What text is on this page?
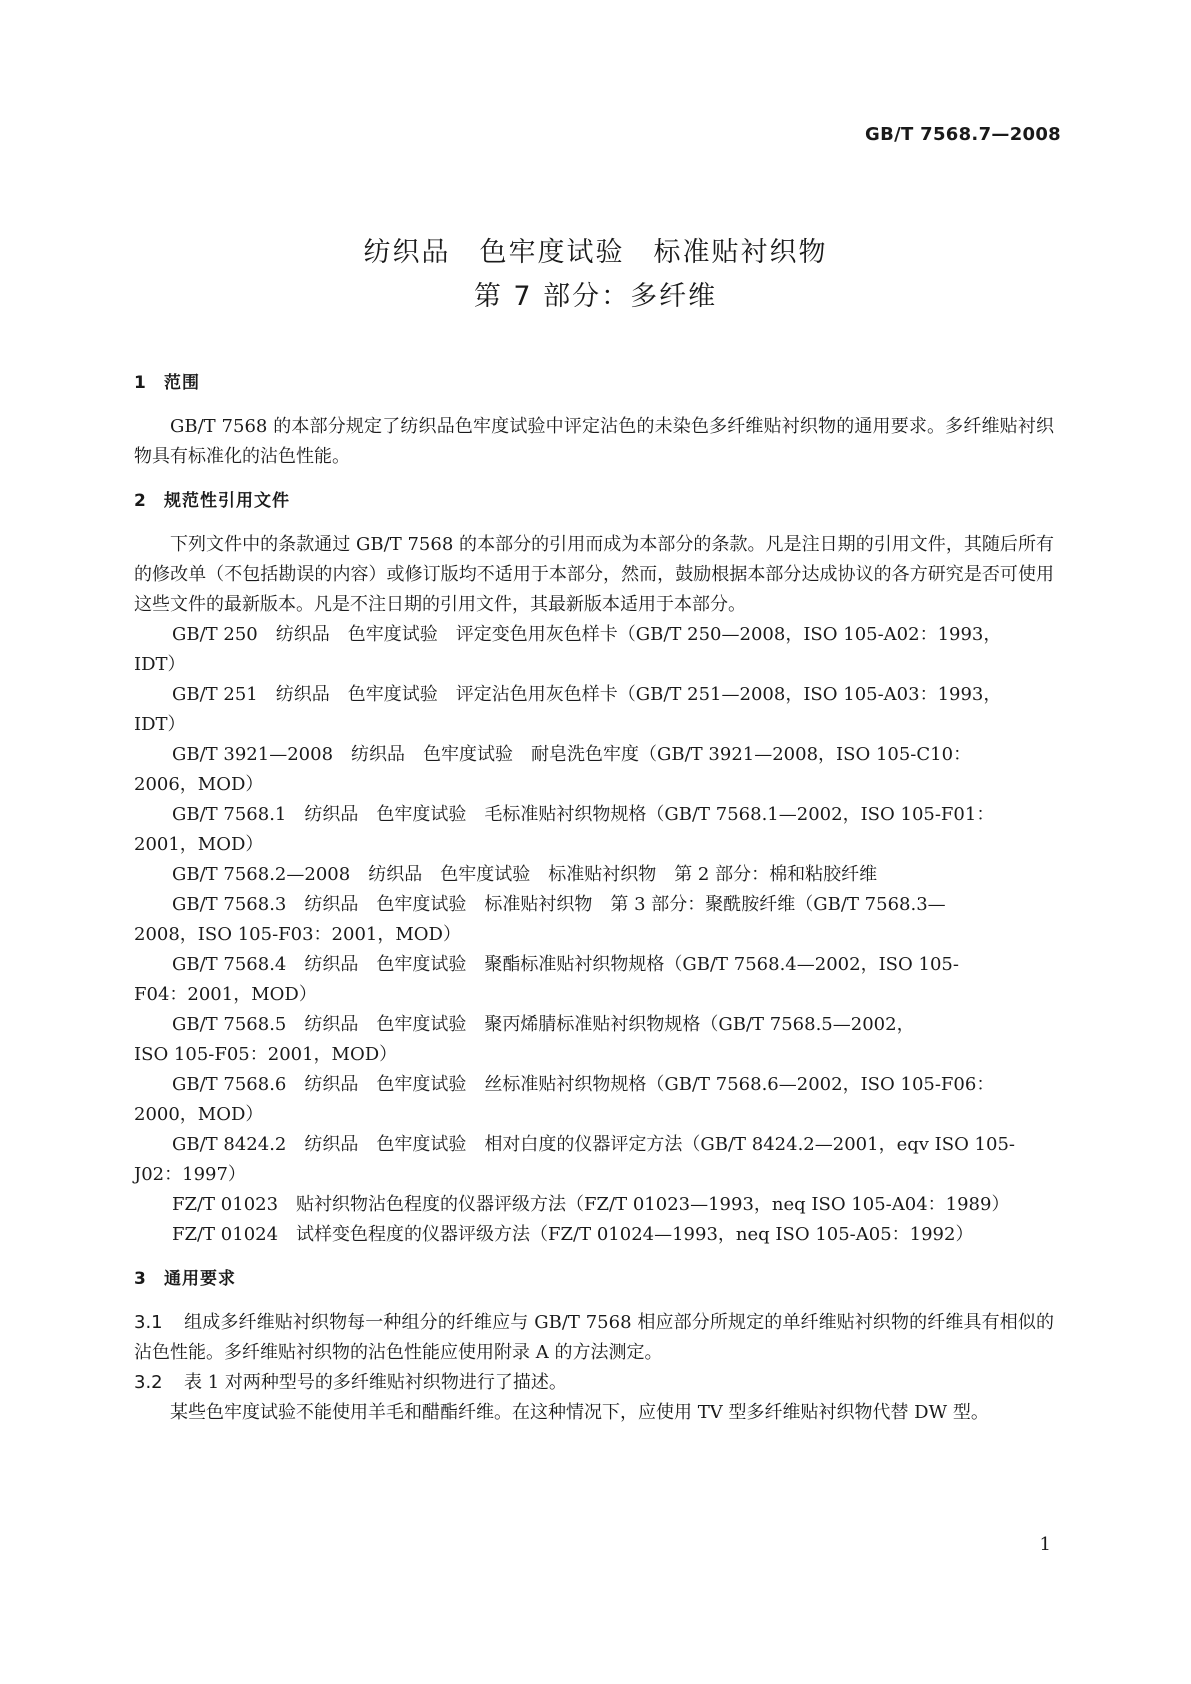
GB/T 7568.7—2008
纺织品　色牢度试验　标准贴衬织物
第 7 部分：多纤维

1 范围

GB/T 7568 的本部分规定了纺织品色牢度试验中评定沾色的未染色多纤维贴衬织物的通用要求。多纤维贴衬织物具有标准化的沾色性能。

2 规范性引用文件

下列文件中的条款通过 GB/T 7568 的本部分的引用而成为本部分的条款。凡是注日期的引用文件，其随后所有的修改单（不包括勘误的内容）或修订版均不适用于本部分，然而，鼓励根据本部分达成协议的各方研究是否可使用这些文件的最新版本。凡是不注日期的引用文件，其最新版本适用于本部分。

GB/T 250　纺织品　色牢度试验　评定变色用灰色样卡（GB/T 250—2008，ISO 105-A02：1993，
IDT）

GB/T 251　纺织品　色牢度试验　评定沾色用灰色样卡（GB/T 251—2008，ISO 105-A03：1993，
IDT）

GB/T 3921—2008　纺织品　色牢度试验　耐皂洗色牢度（GB/T 3921—2008，ISO 105-C10：
2006，MOD）

GB/T 7568.1　纺织品　色牢度试验　毛标准贴衬织物规格（GB/T 7568.1—2002，ISO 105-F01：
2001，MOD）

GB/T 7568.2—2008　纺织品　色牢度试验　标准贴衬织物　第 2 部分：棉和粘胶纤维

GB/T 7568.3　纺织品　色牢度试验　标准贴衬织物　第 3 部分：聚酰胺纤维（GB/T 7568.3—
2008，ISO 105-F03：2001，MOD）

GB/T 7568.4　纺织品　色牢度试验　聚酯标准贴衬织物规格（GB/T 7568.4—2002，ISO 105-
F04：2001，MOD）

GB/T 7568.5　纺织品　色牢度试验　聚丙烯腈标准贴衬织物规格（GB/T 7568.5—2002，
ISO 105-F05：2001，MOD）

GB/T 7568.6　纺织品　色牢度试验　丝标准贴衬织物规格（GB/T 7568.6—2002，ISO 105-F06：
2000，MOD）

GB/T 8424.2　纺织品　色牢度试验　相对白度的仪器评定方法（GB/T 8424.2—2001，eqv ISO 105-
J02：1997）

FZ/T 01023　贴衬织物沾色程度的仪器评级方法（FZ/T 01023—1993，neq ISO 105-A04：1989）

FZ/T 01024　试样变色程度的仪器评级方法（FZ/T 01024—1993，neq ISO 105-A05：1992）

3 通用要求

3.1 组成多纤维贴衬织物每一种组分的纤维应与 GB/T 7568 相应部分所规定的单纤维贴衬织物的纤维具有相似的沾色性能。多纤维贴衬织物的沾色性能应使用附录 A 的方法测定。

3.2 表 1 对两种型号的多纤维贴衬织物进行了描述。

某些色牢度试验不能使用羊毛和醋酯纤维。在这种情况下，应使用 TV 型多纤维贴衬织物代替 DW 型。

1
